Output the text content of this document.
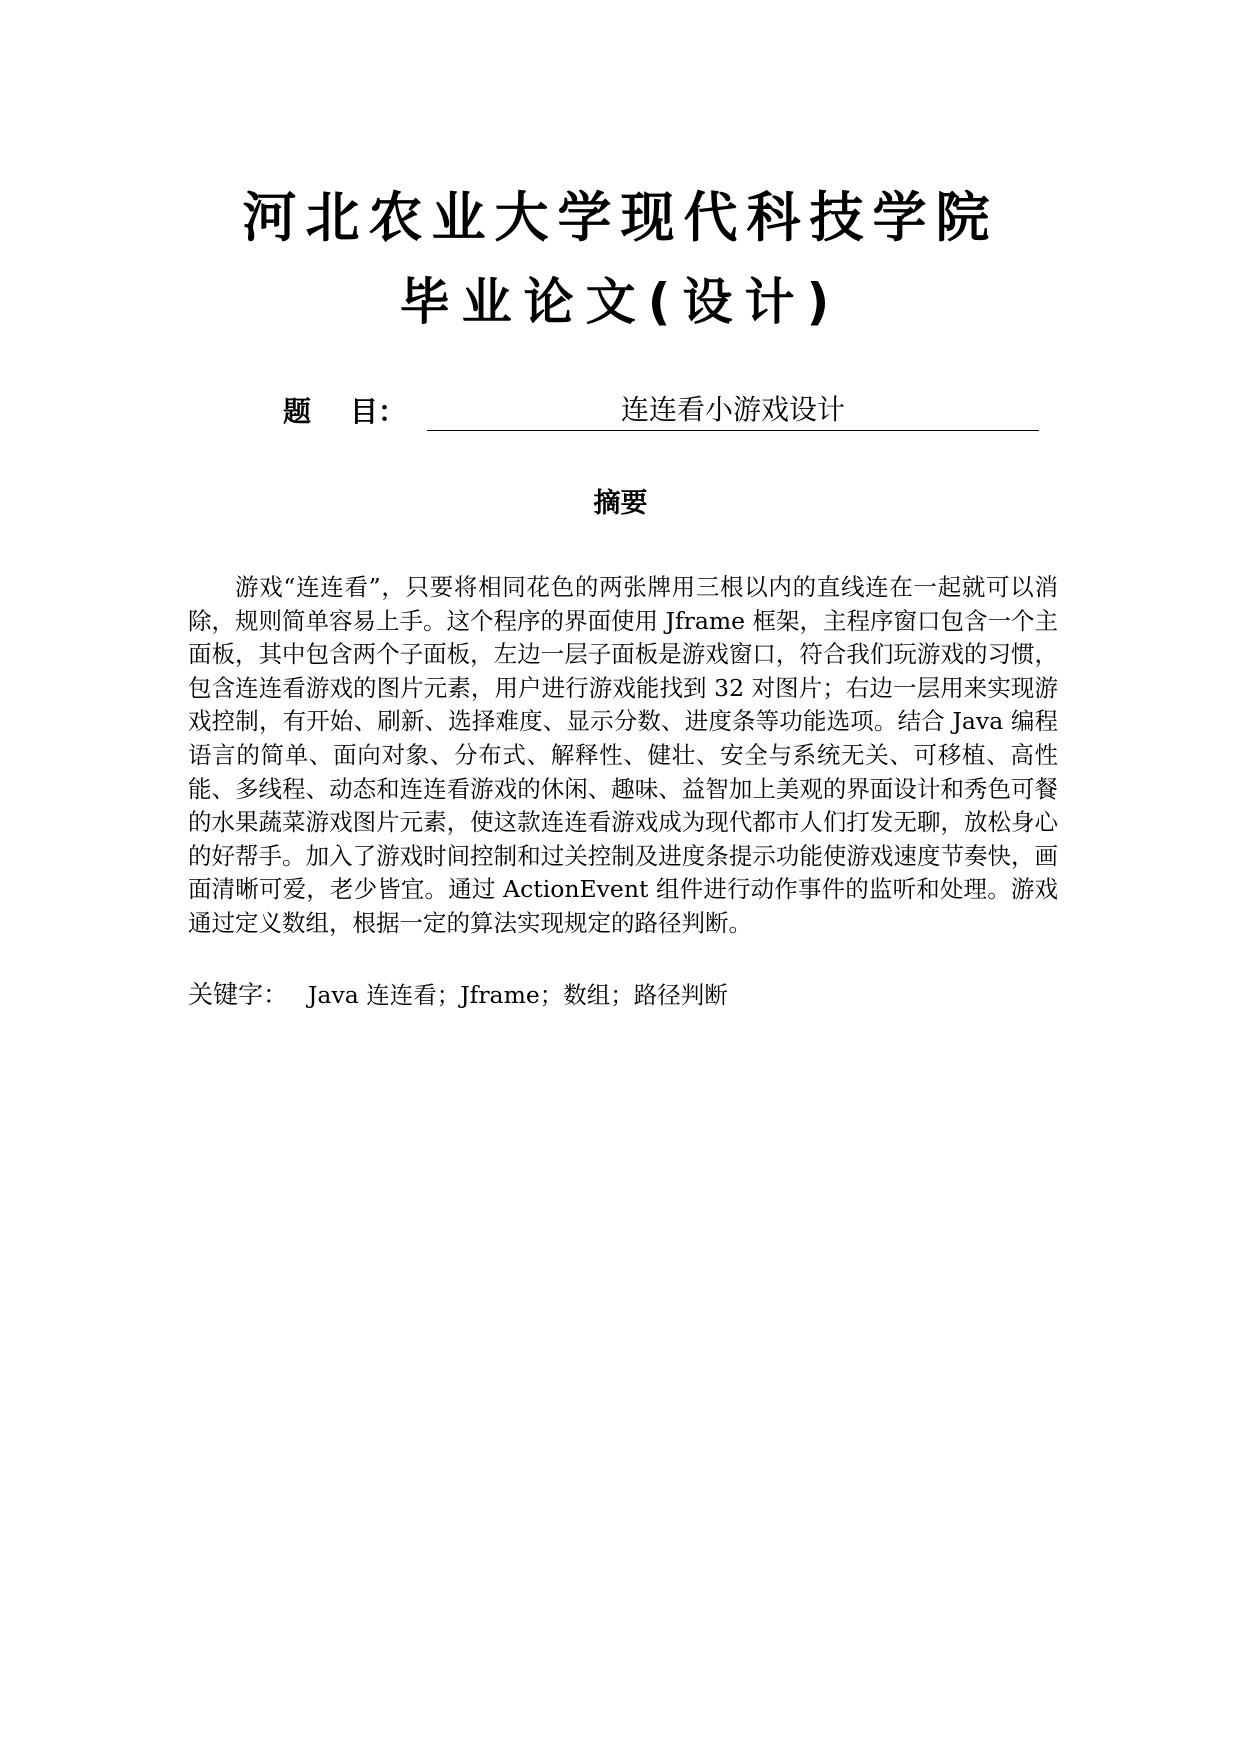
河北农业大学现代科技学院
毕业论文(设计)
题    目：	连连看小游戏设计
摘要

游戏“连连看”，只要将相同花色的两张牌用三根以内的直线连在一起就可以消除，规则简单容易上手。这个程序的界面使用 Jframe 框架，主程序窗口包含一个主面板，其中包含两个子面板，左边一层子面板是游戏窗口，符合我们玩游戏的习惯，包含连连看游戏的图片元素，用户进行游戏能找到 32 对图片；右边一层用来实现游戏控制，有开始、刷新、选择难度、显示分数、进度条等功能选项。结合 Java 编程语言的简单、面向对象、分布式、解释性、健壮、安全与系统无关、可移植、高性能、多线程、动态和连连看游戏的休闲、趣味、益智加上美观的界面设计和秀色可餐的水果蔬菜游戏图片元素，使这款连连看游戏成为现代都市人们打发无聊，放松身心的好帮手。加入了游戏时间控制和过关控制及进度条提示功能使游戏速度节奏快，画面清晰可爱，老少皆宜。通过 ActionEvent 组件进行动作事件的监听和处理。游戏通过定义数组，根据一定的算法实现规定的路径判断。

关键字： Java 连连看；Jframe；数组；路径判断
